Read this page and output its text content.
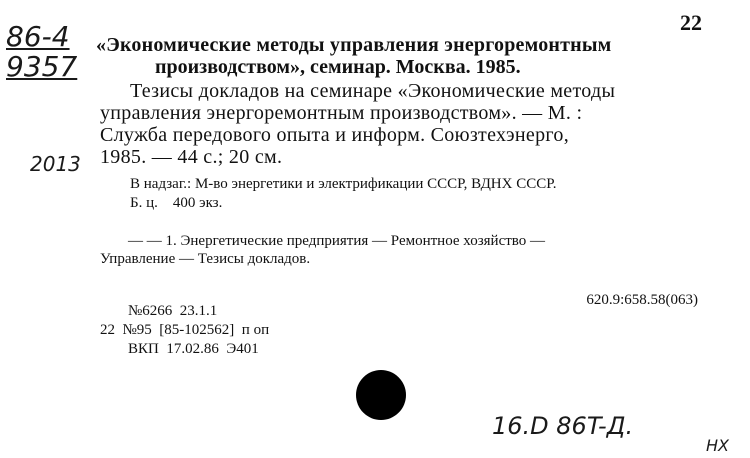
86-4
9357
2013
22
«Экономические методы управления энергоремонтным
производством», семинар. Москва. 1985.
Тезисы докладов на семинаре «Экономические методы
управления энергоремонтным производством». — М. :
Служба передового опыта и информ. Союзтехэнерго,
1985. — 44 с.; 20 см.
В надзаг.: М-во энергетики и электрификации СССР, ВДНХ СССР.
Б. ц.    400 экз.
— — 1. Энергетические предприятия — Ремонтное хозяйство —
Управление — Тезисы докладов.
620.9:658.58(063)
№6266  23.1.1
22  №95  [85-102562]  п оп
ВКП  17.02.86  Э401
16.D 86T-Д.
НХ
